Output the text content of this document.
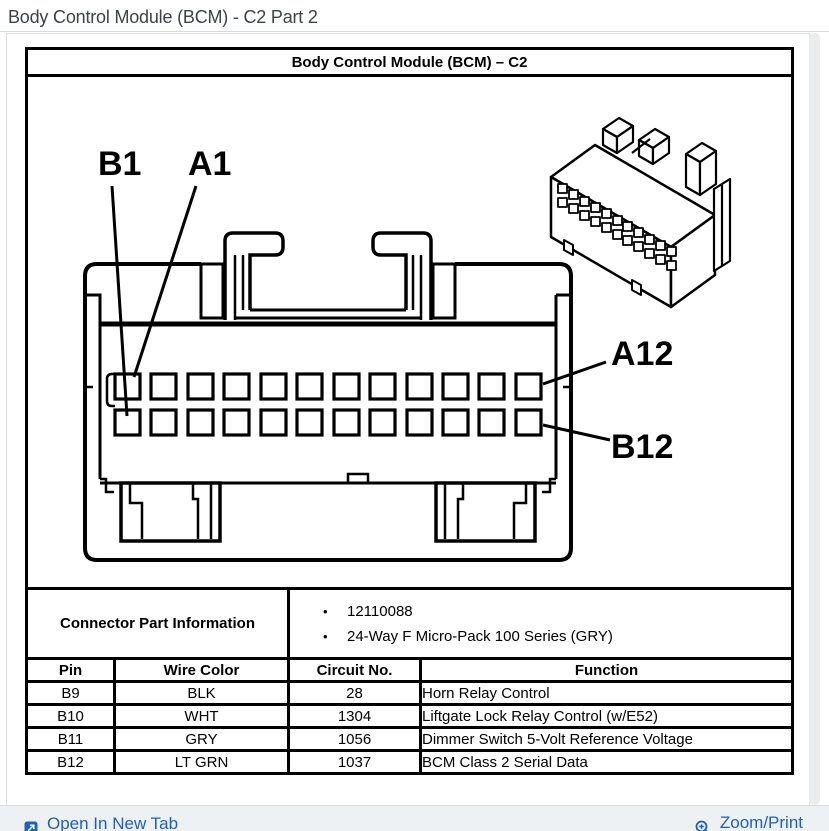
Body Control Module (BCM) - C2 Part 2
Body Control Module (BCM) – C2			

B1 A1
A12
B12			

Connector Part Information		• 12110088
• 24-Way F Micro-Pack 100 Series (GRY)	

Pin	Wire Color	Circuit No.	Function
B9	BLK	28	Horn Relay Control
B10	WHT	1304	Liftgate Lock Relay Control (w/E52)
B11	GRY	1056	Dimmer Switch 5-Volt Reference Voltage
B12	LT GRN	1037	BCM Class 2 Serial Data
Open In New Tab	Zoom/Print
